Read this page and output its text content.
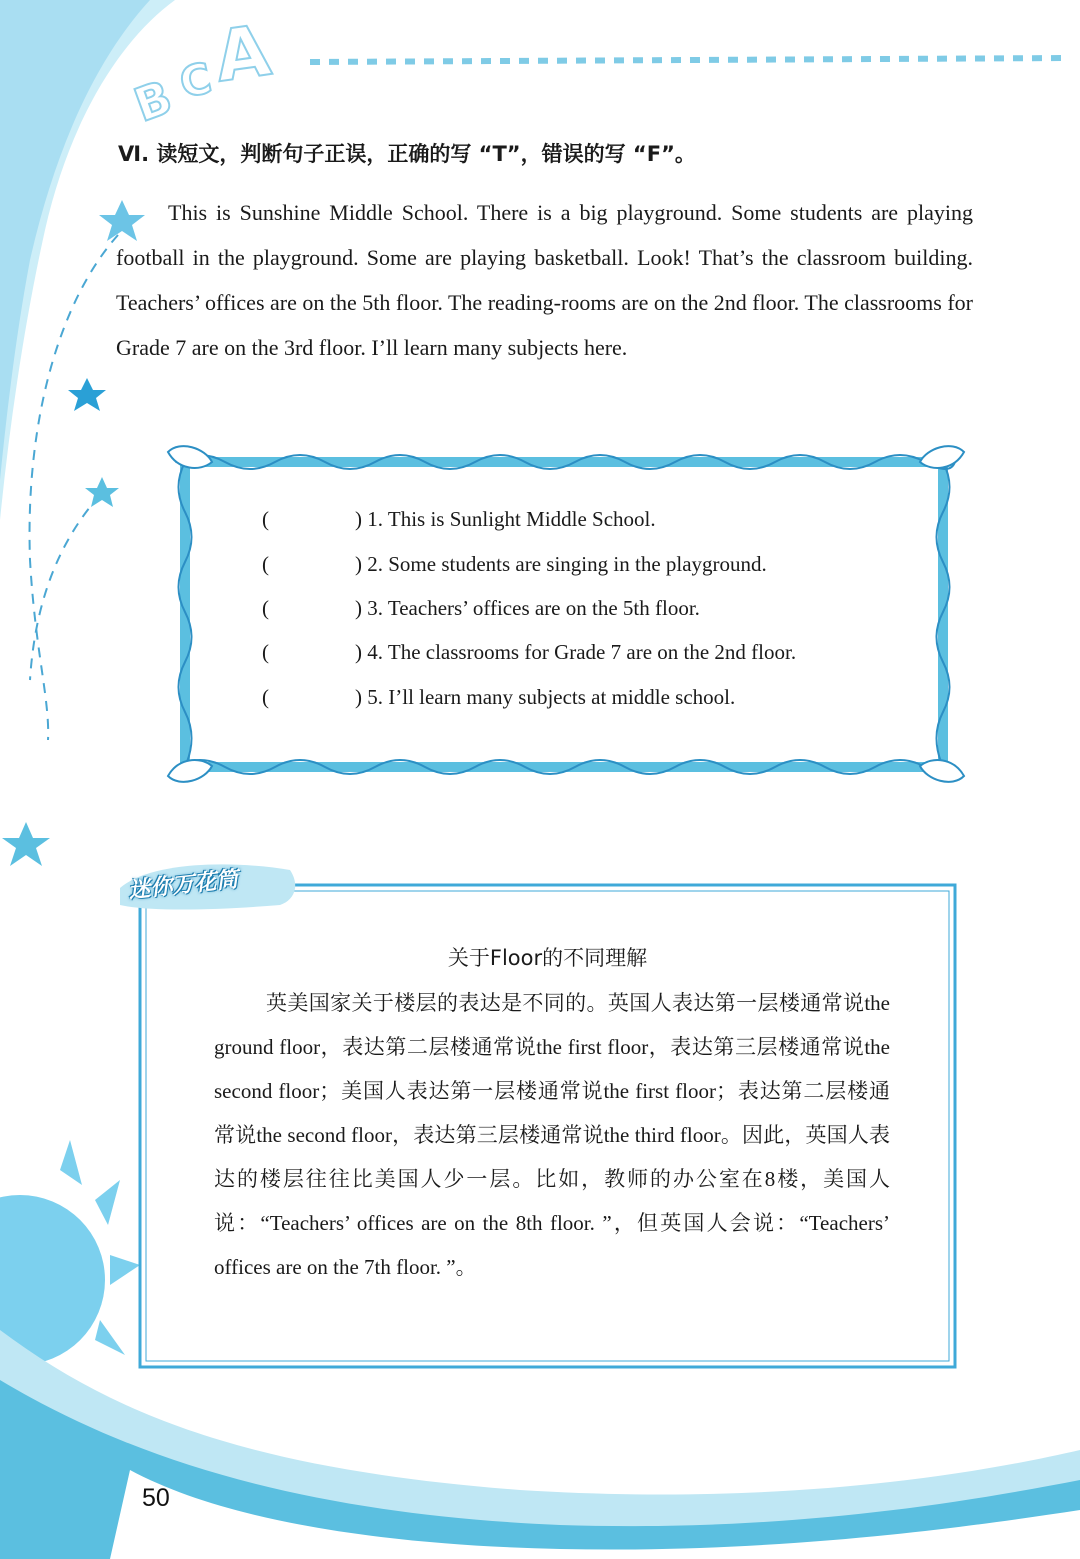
B
C
A
Ⅵ. 读短文，判断句子正误，正确的写 “T”，错误的写 “F”。
This is Sunshine Middle School. There is a big playground. Some students are playing football in the playground. Some are playing basketball. Look! That’s the classroom building. Teachers’ offices are on the 5th floor. The reading-rooms are on the 2nd floor. The classrooms for Grade 7 are on the 3rd floor. I’ll learn many subjects here.
(	) 1. This is Sunlight Middle School.
(	) 2. Some students are singing in the playground.
(	) 3. Teachers’ offices are on the 5th floor.
(	) 4. The classrooms for Grade 7 are on the 2nd floor.
(	) 5. I’ll learn many subjects at middle school.
迷你万花筒
关于Floor的不同理解
英美国家关于楼层的表达是不同的。英国人表达第一层楼通常说the ground floor，表达第二层楼通常说the first floor，表达第三层楼通常说the second floor；美国人表达第一层楼通常说the first floor；表达第二层楼通常说the second floor，表达第三层楼通常说the third floor。因此，英国人表达的楼层往往比美国人少一层。比如，教师的办公室在8楼，美国人说：“Teachers’ offices are on the 8th floor. ”，但英国人会说：“Teachers’ offices are on the 7th floor. ”。
50
